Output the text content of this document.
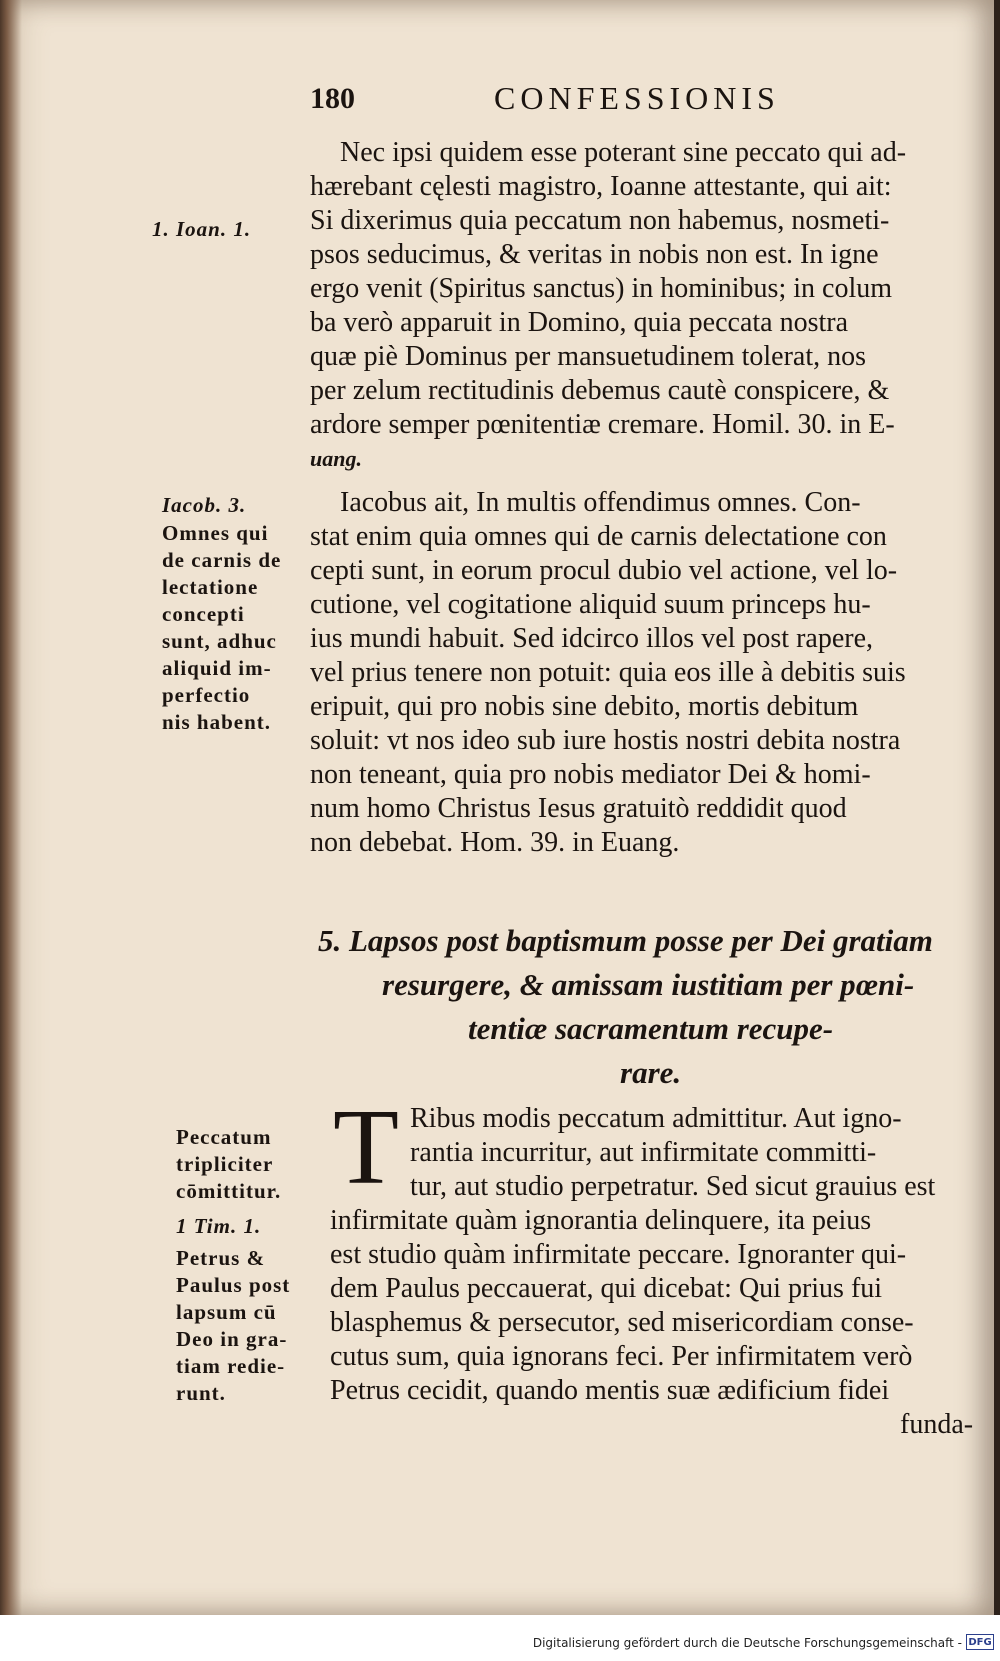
180	CONFESSIONIS
Nec ipsi quidem esse poterant sine peccato qui ad-
hærebant cęlesti magistro, Ioanne attestante, qui ait:
Si dixerimus quia peccatum non habemus, nosmeti-
psos seducimus, & veritas in nobis non est. In igne
ergo venit (Spiritus sanctus) in hominibus; in colum
ba verò apparuit in Domino, quia peccata nostra
quæ piè Dominus per mansuetudinem tolerat, nos
per zelum rectitudinis debemus cautè conspicere, &
ardore semper pœnitentiæ cremare. Homil. 30. in E-
uang.
Iacobus ait, In multis offendimus omnes. Con-
stat enim quia omnes qui de carnis delectatione con
cepti sunt, in eorum procul dubio vel actione, vel lo-
cutione, vel cogitatione aliquid suum princeps hu-
ius mundi habuit. Sed idcirco illos vel post rapere,
vel prius tenere non potuit: quia eos ille à debitis suis
eripuit, qui pro nobis sine debito, mortis debitum
soluit: vt nos ideo sub iure hostis nostri debita nostra
non teneant, quia pro nobis mediator Dei & homi-
num homo Christus Iesus gratuitò reddidit quod
non debebat. Hom. 39. in Euang.
5. Lapsos post baptismum posse per Dei gratiam
resurgere, & amissam iustitiam per pœni-
tentiæ sacramentum recupe-
rare.
T Ribus modis peccatum admittitur. Aut igno-
rantia incurritur, aut infirmitate committi-
tur, aut studio perpetratur. Sed sicut grauius est
infirmitate quàm ignorantia delinquere, ita peius
est studio quàm infirmitate peccare. Ignoranter qui-
dem Paulus peccauerat, qui dicebat: Qui prius fui
blasphemus & persecutor, sed misericordiam conse-
cutus sum, quia ignorans feci. Per infirmitatem verò
Petrus cecidit, quando mentis suæ ædificium fidei
funda-
1. Ioan. 1.
Iacob. 3.
Omnes qui
de carnis de
lectatione
concepti
sunt, adhuc
aliquid im-
perfectio
nis habent.
Peccatum
tripliciter
cōmittitur.
1 Tim. 1.
Petrus &
Paulus post
lapsum cū
Deo in gra-
tiam redie-
runt.
Digitalisierung gefördert durch die Deutsche Forschungsgemeinschaft - DFG
